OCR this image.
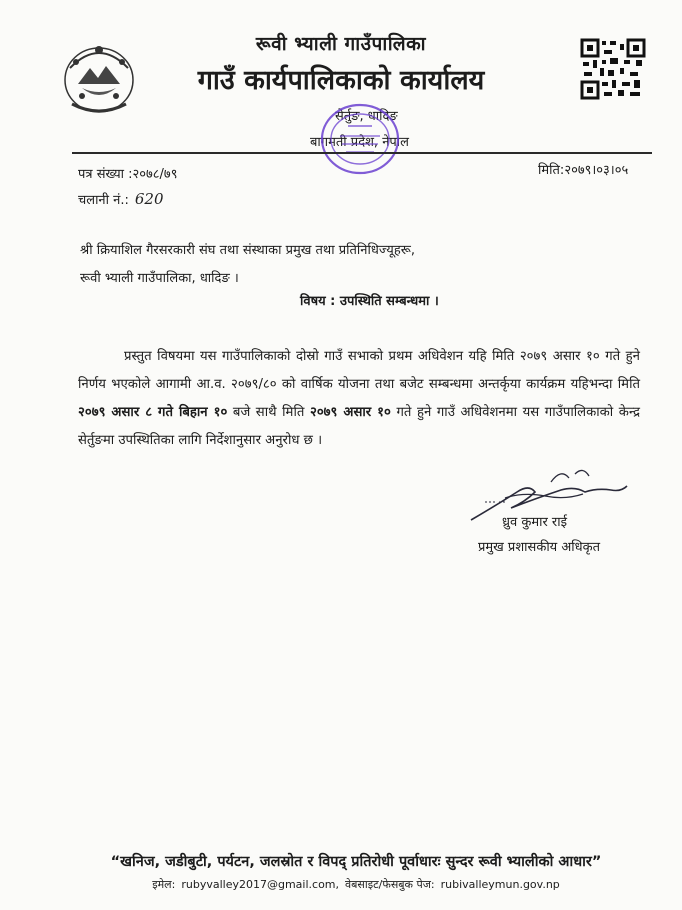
रूवी भ्याली गाउँपालिका
गाउँ कार्यपालिकाको कार्यालय
सेर्तुङ, धादिङ
बागमती प्रदेश, नेपाल
पत्र संख्या :२०७८/७९	मिति:२०७९।०३।०५
चलानी नं.: 620
श्री क्रियाशिल गैरसरकारी संघ तथा संस्थाका प्रमुख तथा प्रतिनिधिज्यूहरू,
रूवी भ्याली गाउँपालिका, धादिङ ।
विषय : उपस्थिति सम्बन्धमा ।
प्रस्तुत विषयमा यस गाउँपालिकाको दोस्रो गाउँ सभाको प्रथम अधिवेशन यहि मिति २०७९ असार १० गते हुने निर्णय भएकोले आगामी आ.व. २०७९/८० को वार्षिक योजना तथा बजेट सम्बन्धमा अन्तर्कृया कार्यक्रम यहिभन्दा मिति २०७९ असार ८ गते बिहान १० बजे साथै मिति २०७९ असार १० गते हुने गाउँ अधिवेशनमा यस गाउँपालिकाको केन्द्र सेर्तुङमा उपस्थितिका लागि निर्देशानुसार अनुरोध छ ।
ध्रुव कुमार राई
प्रमुख प्रशासकीय अधिकृत
“खनिज, जडीबुटी, पर्यटन, जलस्रोत र विपद् प्रतिरोधी पूर्वाधारः सुन्दर रूवी भ्यालीको आधार”
इमेल: rubyvalley2017@gmail.com, वेबसाइट/फेसबुक पेज: rubivalleymun.gov.np
